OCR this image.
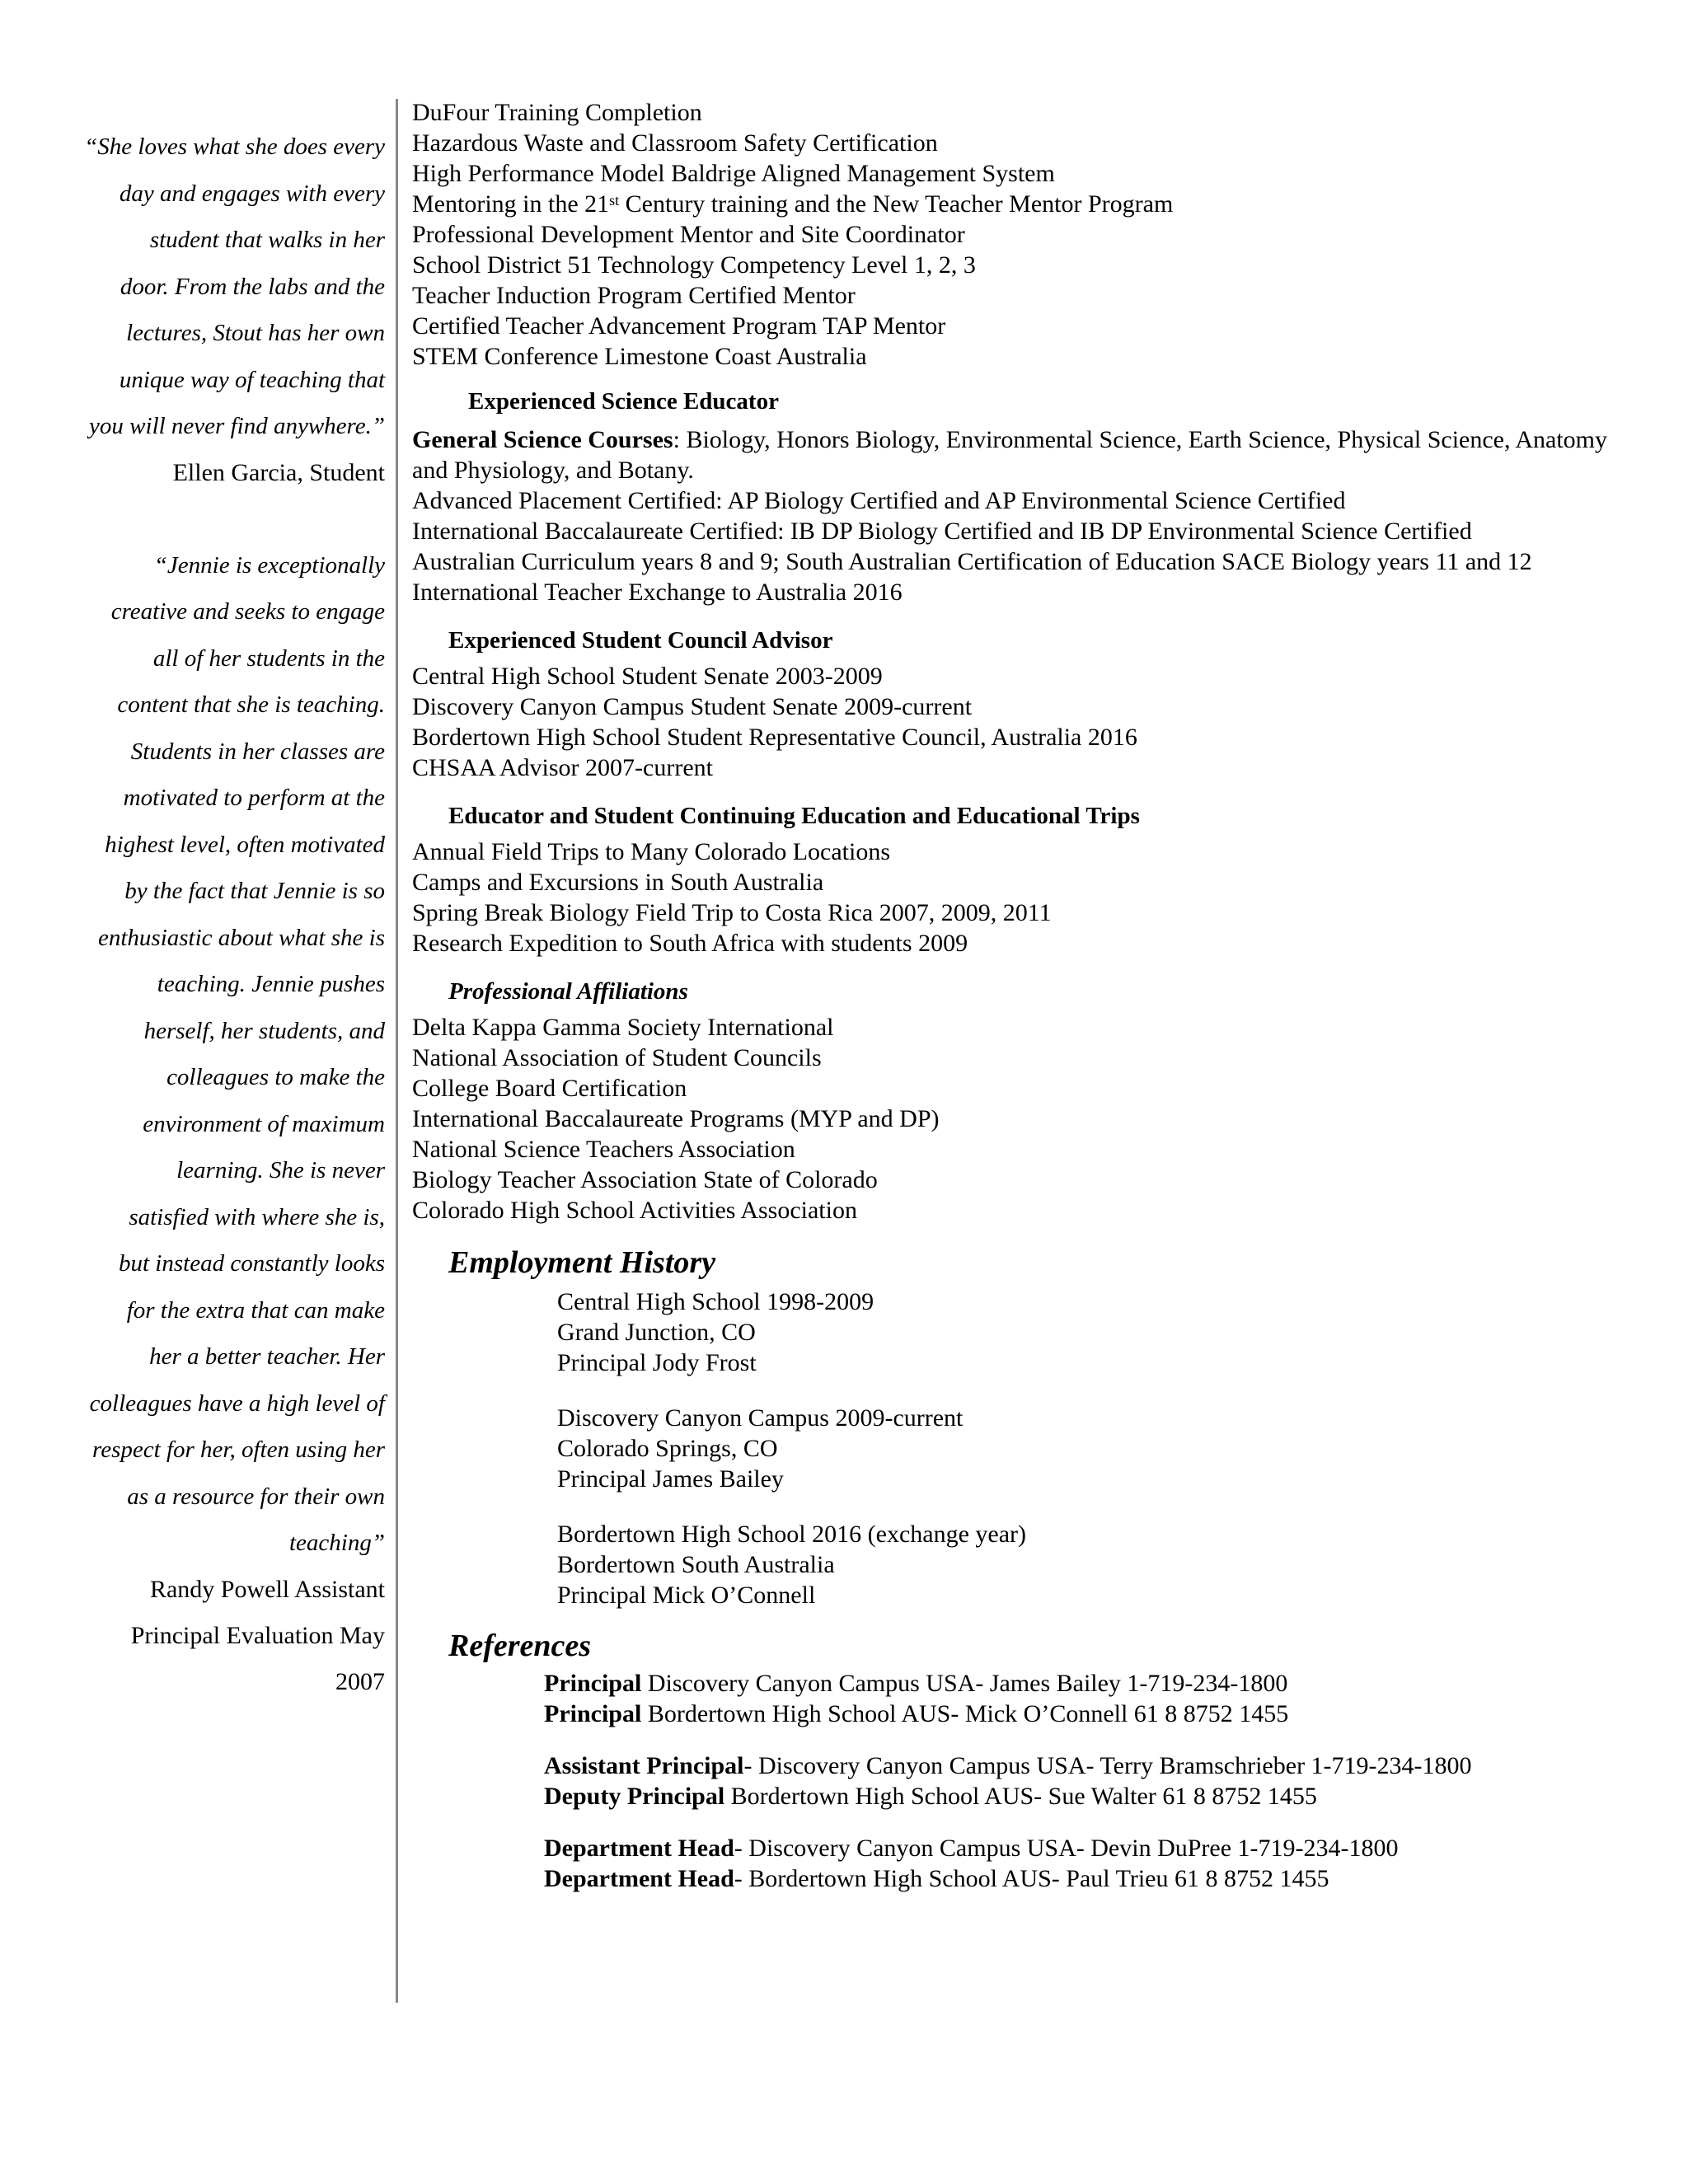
“She loves what she does every

day and engages with every

student that walks in her

door. From the labs and the

lectures, Stout has her own

unique way of teaching that

you will never find anywhere.”

Ellen Garcia, Student

“Jennie is exceptionally

creative and seeks to engage

all of her students in the

content that she is teaching.

Students in her classes are

motivated to perform at the

highest level, often motivated

by the fact that Jennie is so

enthusiastic about what she is

teaching. Jennie pushes

herself, her students, and

colleagues to make the

environment of maximum

learning. She is never

satisfied with where she is,

but instead constantly looks

for the extra that can make

her a better teacher. Her

colleagues have a high level of

respect for her, often using her

as a resource for their own

teaching”

Randy Powell Assistant

Principal Evaluation May

2007

DuFour Training Completion

Hazardous Waste and Classroom Safety Certification

High Performance Model Baldrige Aligned Management System

Mentoring in the 21st Century training and the New Teacher Mentor Program

Professional Development Mentor and Site Coordinator

School District 51 Technology Competency Level 1, 2, 3

Teacher Induction Program Certified Mentor

Certified Teacher Advancement Program TAP Mentor

STEM Conference Limestone Coast Australia

Experienced Science Educator

General Science Courses: Biology, Honors Biology, Environmental Science, Earth Science, Physical Science, Anatomy and Physiology, and Botany.

Advanced Placement Certified: AP Biology Certified and AP Environmental Science Certified

International Baccalaureate Certified: IB DP Biology Certified and IB DP Environmental Science Certified

Australian Curriculum years 8 and 9; South Australian Certification of Education SACE Biology years 11 and 12

International Teacher Exchange to Australia 2016

Experienced Student Council Advisor

Central High School Student Senate 2003-2009

Discovery Canyon Campus Student Senate 2009-current

Bordertown High School Student Representative Council, Australia 2016

CHSAA Advisor 2007-current

Educator and Student Continuing Education and Educational Trips

Annual Field Trips to Many Colorado Locations

Camps and Excursions in South Australia

Spring Break Biology Field Trip to Costa Rica 2007, 2009, 2011

Research Expedition to South Africa with students 2009

Professional Affiliations

Delta Kappa Gamma Society International

National Association of Student Councils

College Board Certification

International Baccalaureate Programs (MYP and DP)

National Science Teachers Association

Biology Teacher Association State of Colorado

Colorado High School Activities Association

Employment History

Central High School 1998-2009

Grand Junction, CO

Principal Jody Frost

Discovery Canyon Campus 2009-current

Colorado Springs, CO

Principal James Bailey

Bordertown High School 2016 (exchange year)

Bordertown South Australia

Principal Mick O’Connell

References

Principal Discovery Canyon Campus USA- James Bailey 1-719-234-1800

Principal Bordertown High School AUS- Mick O’Connell 61 8 8752 1455

Assistant Principal- Discovery Canyon Campus USA- Terry Bramschrieber 1-719-234-1800

Deputy Principal Bordertown High School AUS- Sue Walter 61 8 8752 1455

Department Head- Discovery Canyon Campus USA- Devin DuPree 1-719-234-1800

Department Head- Bordertown High School AUS- Paul Trieu 61 8 8752 1455
